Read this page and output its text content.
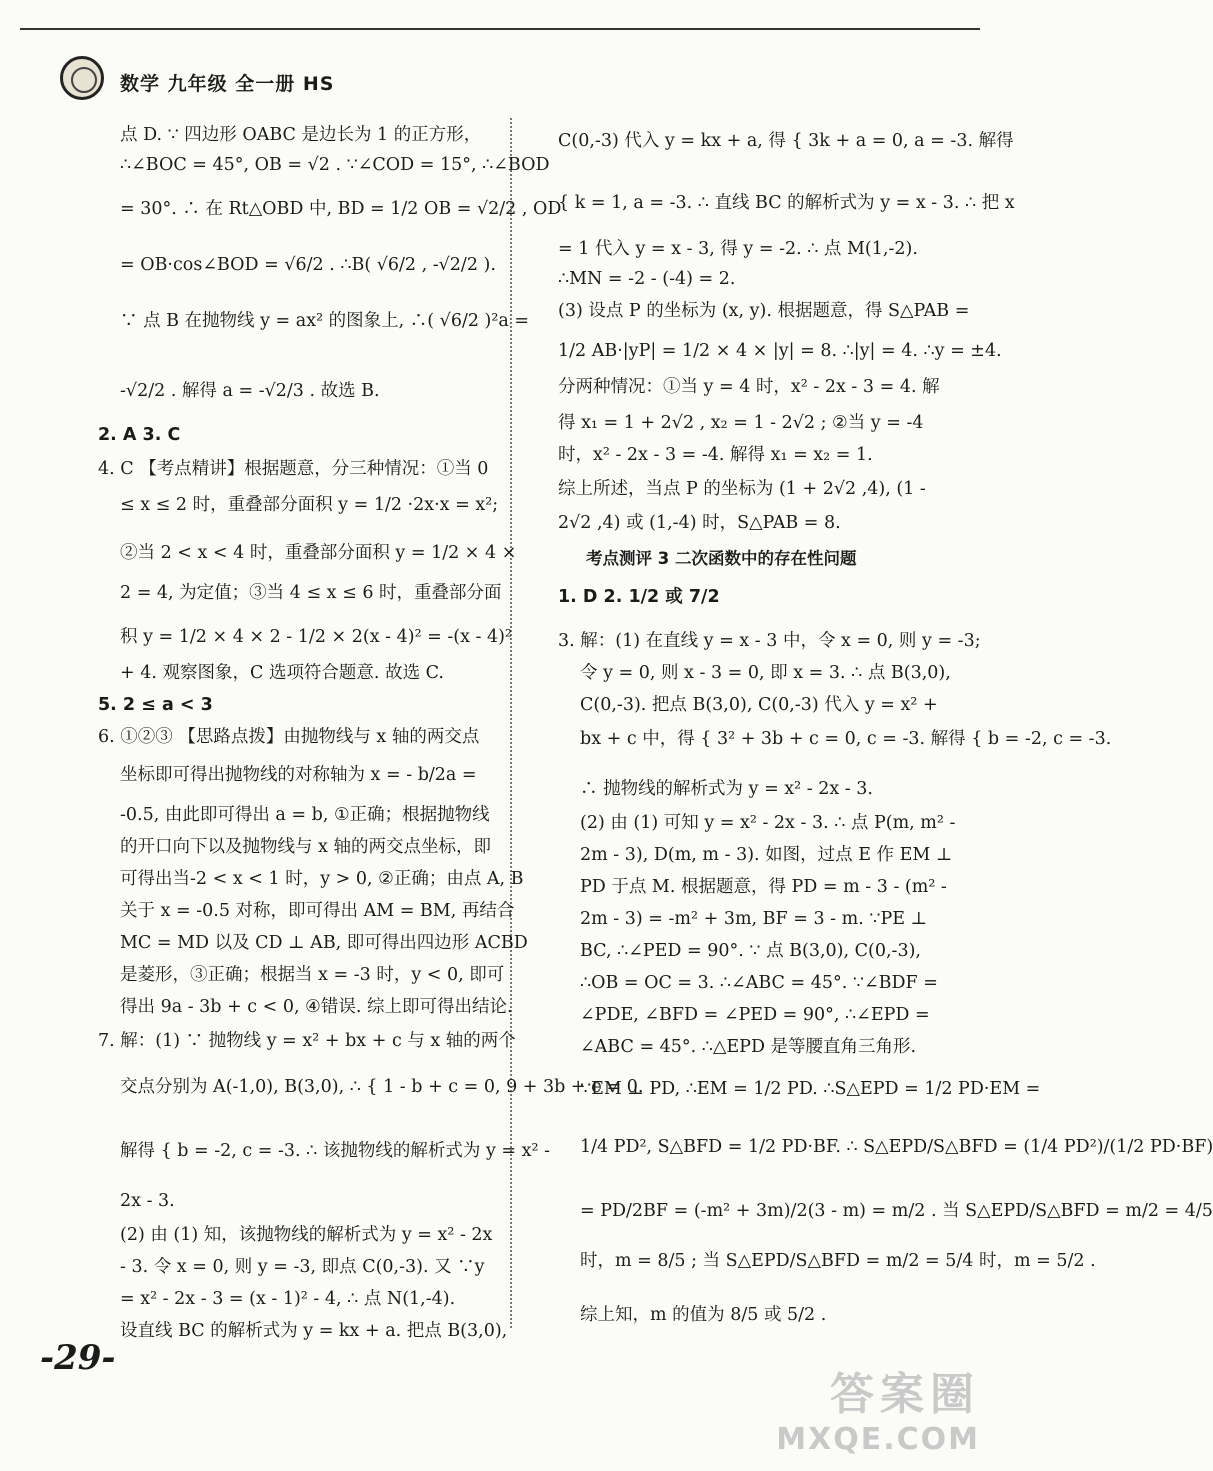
数学 九年级 全一册 HS
点 D. ∵ 四边形 OABC 是边长为 1 的正方形，
∴∠BOC = 45°, OB = √2 . ∵∠COD = 15°, ∴∠BOD
= 30°. ∴ 在 Rt△OBD 中, BD = 1/2 OB = √2/2 , OD
= OB·cos∠BOD = √6/2 . ∴B( √6/2 , -√2/2 ).
∵ 点 B 在抛物线 y = ax² 的图象上, ∴( √6/2 )²a =
-√2/2 . 解得 a = -√2/3 . 故选 B.
2. A 3. C
4. C 【考点精讲】根据题意，分三种情况：①当 0
≤ x ≤ 2 时，重叠部分面积 y = 1/2 ·2x·x = x²;
②当 2 < x < 4 时，重叠部分面积 y = 1/2 × 4 ×
2 = 4, 为定值；③当 4 ≤ x ≤ 6 时，重叠部分面
积 y = 1/2 × 4 × 2 - 1/2 × 2(x - 4)² = -(x - 4)²
+ 4. 观察图象，C 选项符合题意. 故选 C.
5. 2 ≤ a < 3
6. ①②③ 【思路点拨】由抛物线与 x 轴的两交点
坐标即可得出抛物线的对称轴为 x = - b/2a =
-0.5, 由此即可得出 a = b, ①正确；根据抛物线
的开口向下以及抛物线与 x 轴的两交点坐标，即
可得出当-2 < x < 1 时，y > 0, ②正确；由点 A, B
关于 x = -0.5 对称，即可得出 AM = BM, 再结合
MC = MD 以及 CD ⊥ AB, 即可得出四边形 ACBD
是菱形，③正确；根据当 x = -3 时，y < 0, 即可
得出 9a - 3b + c < 0, ④错误. 综上即可得出结论.
7. 解：(1) ∵ 抛物线 y = x² + bx + c 与 x 轴的两个
交点分别为 A(-1,0), B(3,0), ∴ { 1 - b + c = 0, 9 + 3b + c = 0.
解得 { b = -2, c = -3. ∴ 该抛物线的解析式为 y = x² -
2x - 3.
(2) 由 (1) 知，该抛物线的解析式为 y = x² - 2x
- 3. 令 x = 0, 则 y = -3, 即点 C(0,-3). 又 ∵y
= x² - 2x - 3 = (x - 1)² - 4, ∴ 点 N(1,-4).
设直线 BC 的解析式为 y = kx + a. 把点 B(3,0),
C(0,-3) 代入 y = kx + a, 得 { 3k + a = 0, a = -3. 解得
{ k = 1, a = -3. ∴ 直线 BC 的解析式为 y = x - 3. ∴ 把 x
= 1 代入 y = x - 3, 得 y = -2. ∴ 点 M(1,-2).
∴MN = -2 - (-4) = 2.
(3) 设点 P 的坐标为 (x, y). 根据题意，得 S△PAB =
1/2 AB·|yP| = 1/2 × 4 × |y| = 8. ∴|y| = 4. ∴y = ±4.
分两种情况：①当 y = 4 时，x² - 2x - 3 = 4. 解
得 x₁ = 1 + 2√2 , x₂ = 1 - 2√2 ; ②当 y = -4
时，x² - 2x - 3 = -4. 解得 x₁ = x₂ = 1.
综上所述，当点 P 的坐标为 (1 + 2√2 ,4), (1 -
2√2 ,4) 或 (1,-4) 时，S△PAB = 8.
考点测评 3 二次函数中的存在性问题
1. D 2. 1/2 或 7/2
3. 解：(1) 在直线 y = x - 3 中，令 x = 0, 则 y = -3;
令 y = 0, 则 x - 3 = 0, 即 x = 3. ∴ 点 B(3,0),
C(0,-3). 把点 B(3,0), C(0,-3) 代入 y = x² +
bx + c 中，得 { 3² + 3b + c = 0, c = -3. 解得 { b = -2, c = -3.
∴ 抛物线的解析式为 y = x² - 2x - 3.
(2) 由 (1) 可知 y = x² - 2x - 3. ∴ 点 P(m, m² -
2m - 3), D(m, m - 3). 如图，过点 E 作 EM ⊥
PD 于点 M. 根据题意，得 PD = m - 3 - (m² -
2m - 3) = -m² + 3m, BF = 3 - m. ∵PE ⊥
BC, ∴∠PED = 90°. ∵ 点 B(3,0), C(0,-3),
∴OB = OC = 3. ∴∠ABC = 45°. ∵∠BDF =
∠PDE, ∠BFD = ∠PED = 90°, ∴∠EPD =
∠ABC = 45°. ∴△EPD 是等腰直角三角形.
∵EM ⊥ PD, ∴EM = 1/2 PD. ∴S△EPD = 1/2 PD·EM =
1/4 PD², S△BFD = 1/2 PD·BF. ∴ S△EPD/S△BFD = (1/4 PD²)/(1/2 PD·BF)
= PD/2BF = (-m² + 3m)/2(3 - m) = m/2 . 当 S△EPD/S△BFD = m/2 = 4/5
时，m = 8/5 ; 当 S△EPD/S△BFD = m/2 = 5/4 时，m = 5/2 .
综上知，m 的值为 8/5 或 5/2 .
-29-
答案圈
MXQE.COM
